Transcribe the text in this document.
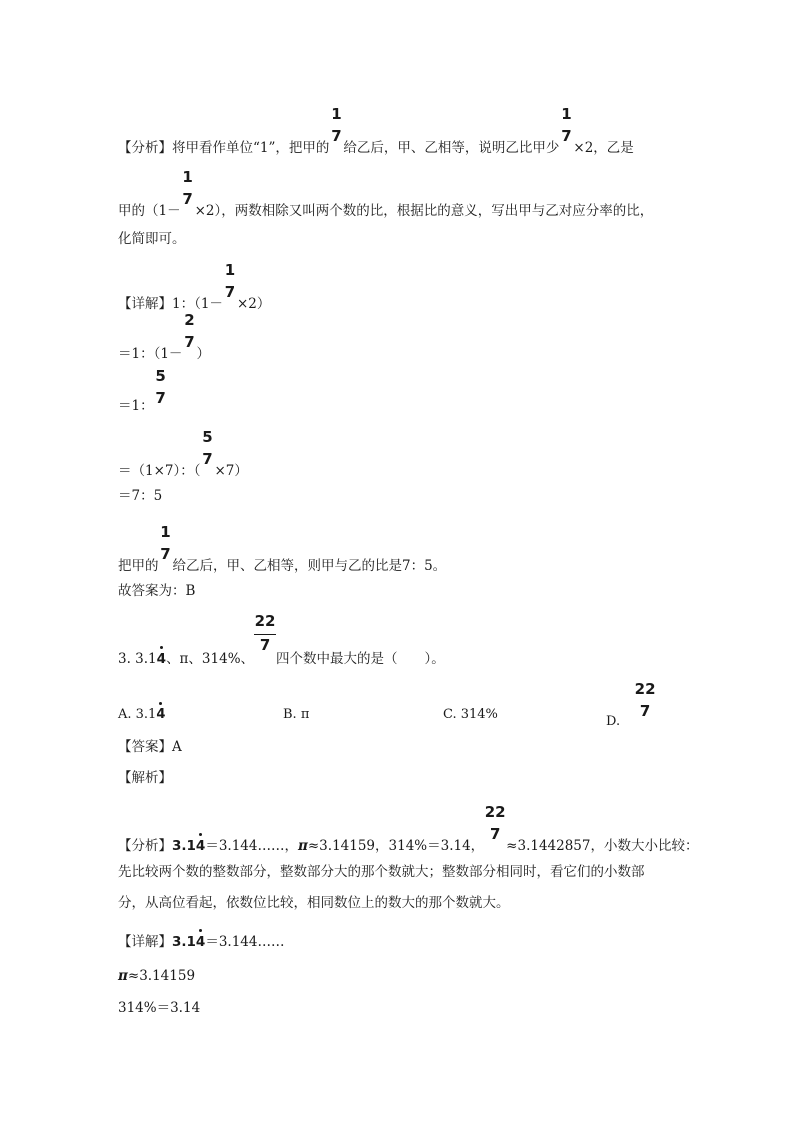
【分析】将甲看作单位“1”，把甲的
1
7
给乙后，甲、乙相等，说明乙比甲少
1
7
×2，乙是
甲的（1－
1
7
×2），两数相除又叫两个数的比，根据比的意义，写出甲与乙对应分率的比，
化简即可。
【详解】1：（1－
1
7
×2）
＝1：（1－
2
7
）
＝1：
5
7
＝（1×7）：（
5
7
×7）
＝7：5
把甲的
1
7
给乙后，甲、乙相等，则甲与乙的比是7：5。
故答案为：B
3. 3.14、π、314%、 $\frac{22}{7}$ 四个数中最大的是（　　）。
A. 3.14	B. π	C. 314%	D.
22
7
【答案】A
【解析】
【分析】3.14＝3.144……，π≈3.14159，314%＝3.14，
22
7
≈3.1442857，小数大小比较：
先比较两个数的整数部分，整数部分大的那个数就大；整数部分相同时，看它们的小数部
分，从高位看起，依数位比较，相同数位上的数大的那个数就大。
【详解】3.14＝3.144……
π≈3.14159
314%＝3.14
